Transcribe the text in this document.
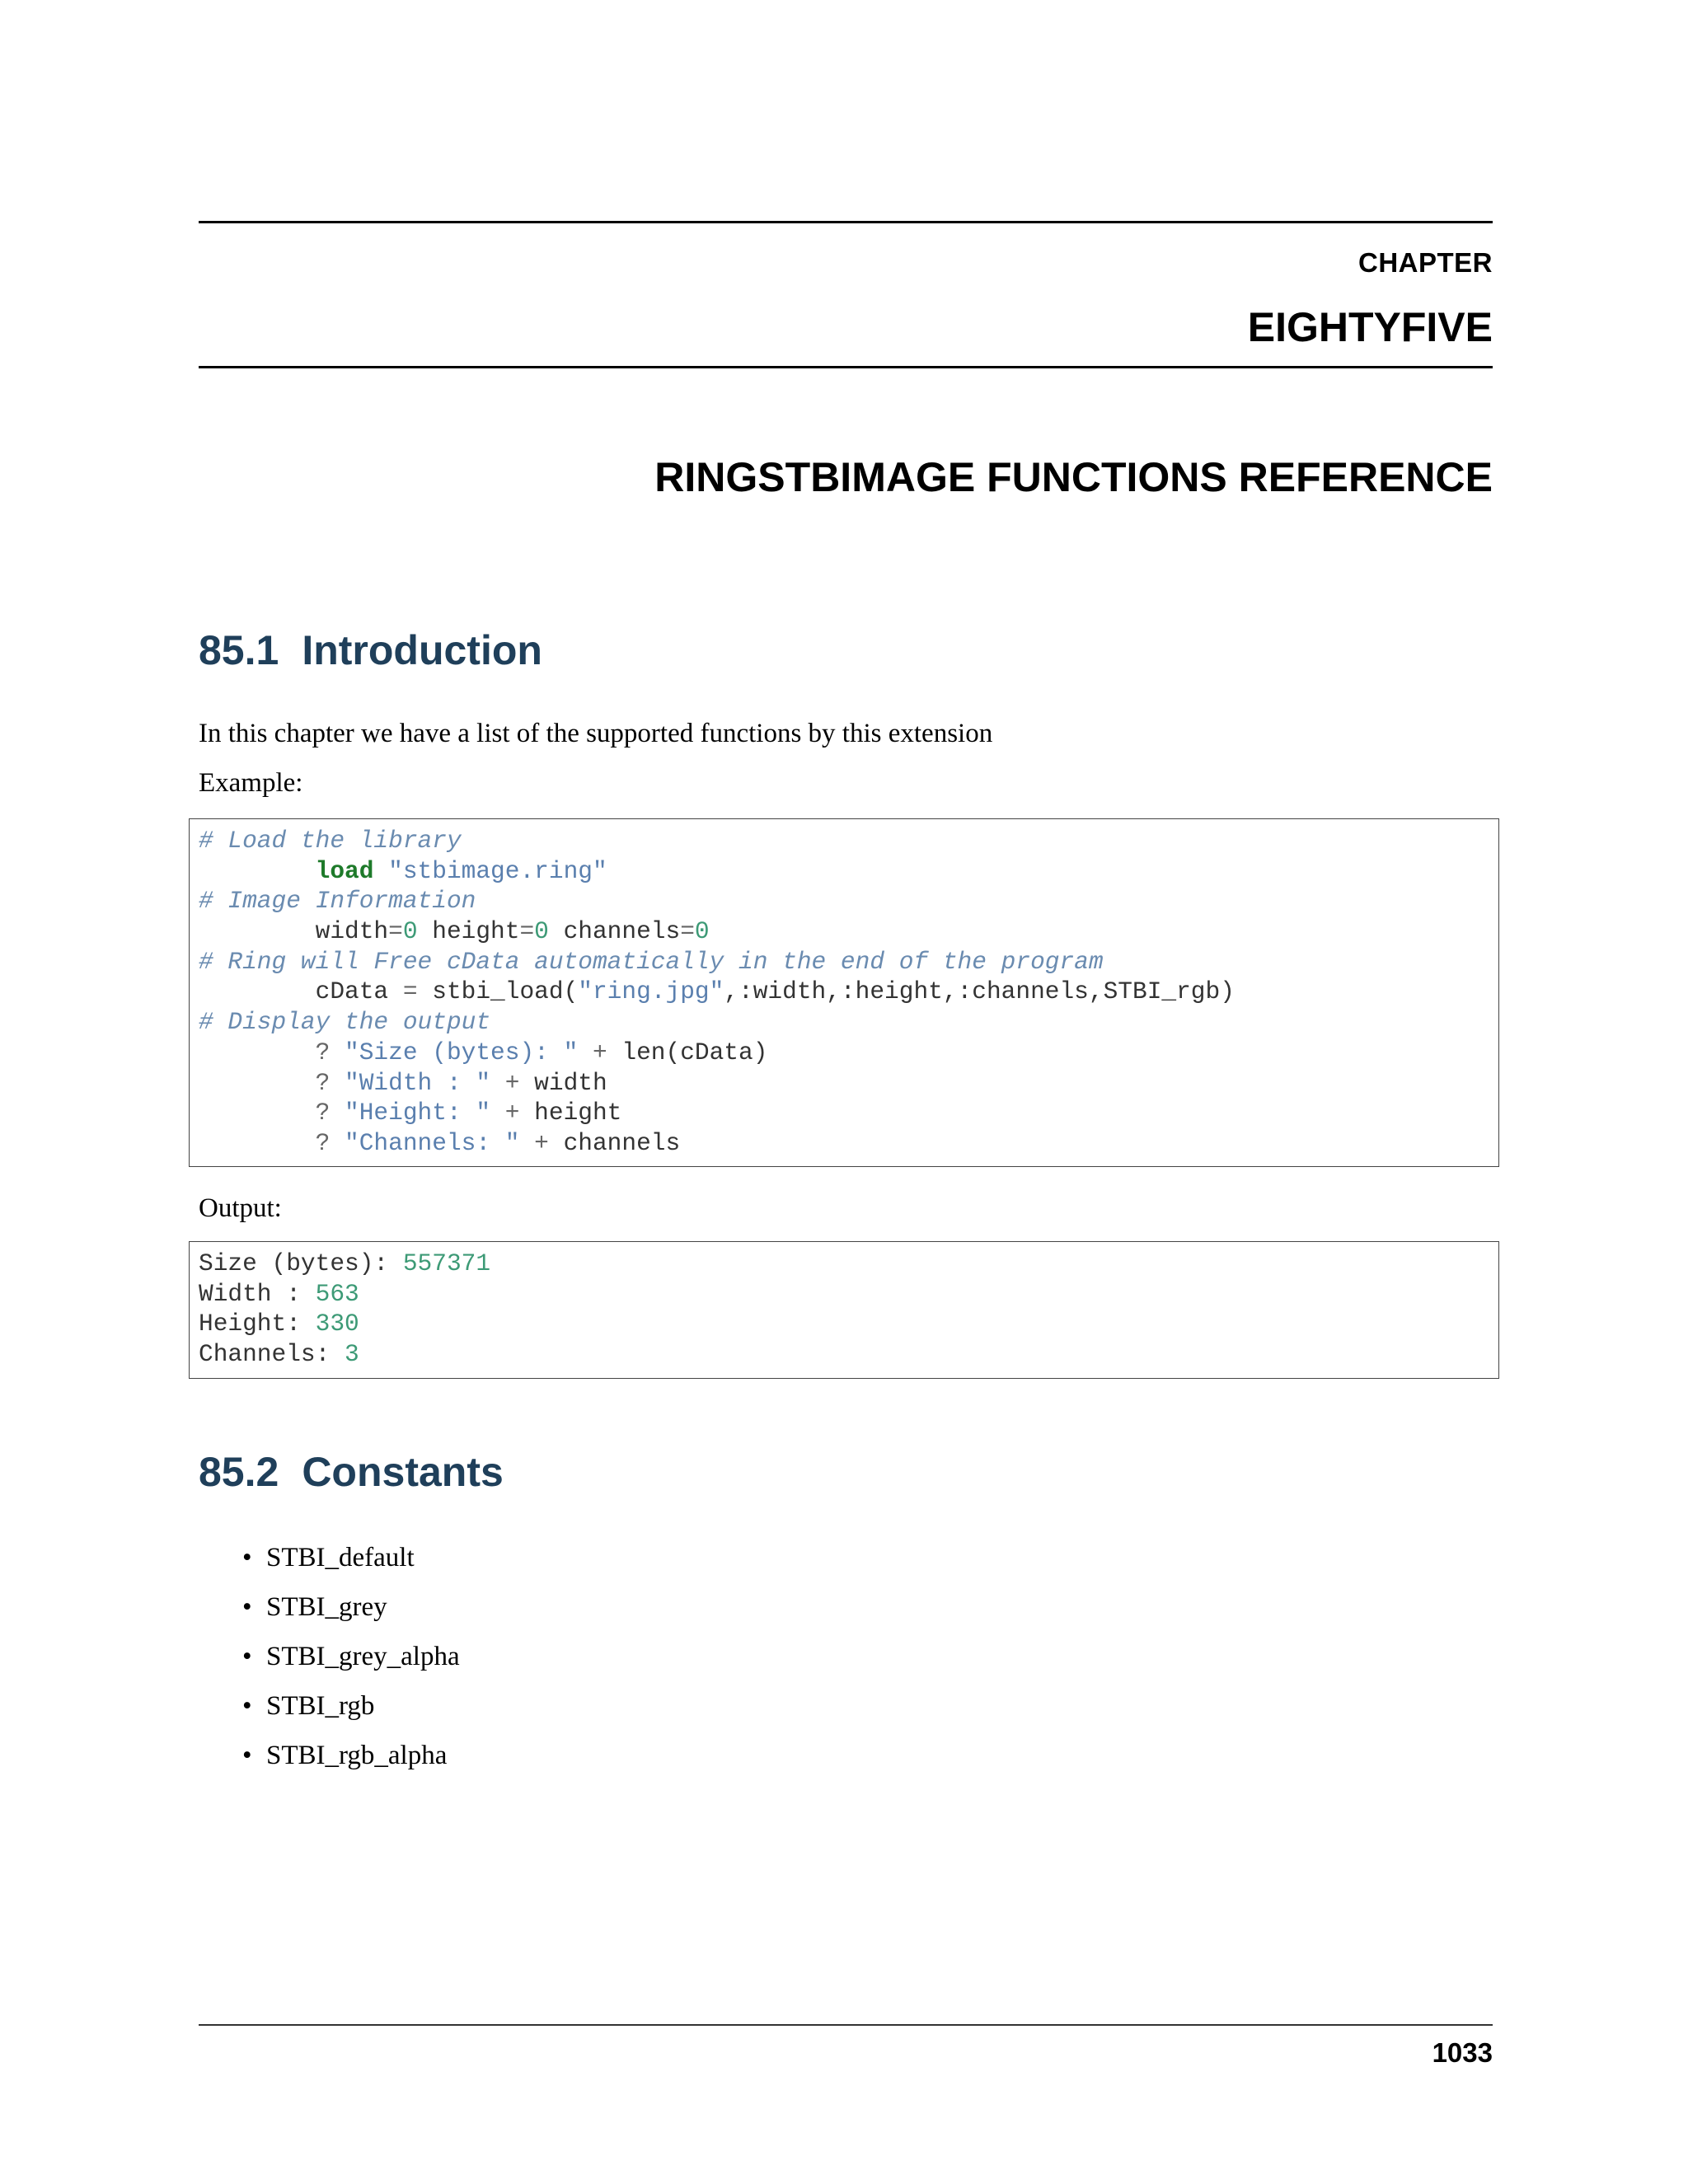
CHAPTER
EIGHTYFIVE
RINGSTBIMAGE FUNCTIONS REFERENCE
85.1 Introduction
In this chapter we have a list of the supported functions by this extension
Example:
# Load the library
load "stbimage.ring"
# Image Information
width=0 height=0 channels=0
# Ring will Free cData automatically in the end of the program
cData = stbi_load("ring.jpg",:width,:height,:channels,STBI_rgb)
# Display the output
? "Size (bytes): " + len(cData)
? "Width : " + width
? "Height: " + height
? "Channels: " + channels
Output:
Size (bytes): 557371
Width : 563
Height: 330
Channels: 3
85.2 Constants
• STBI_default
• STBI_grey
• STBI_grey_alpha
• STBI_rgb
• STBI_rgb_alpha
1033
